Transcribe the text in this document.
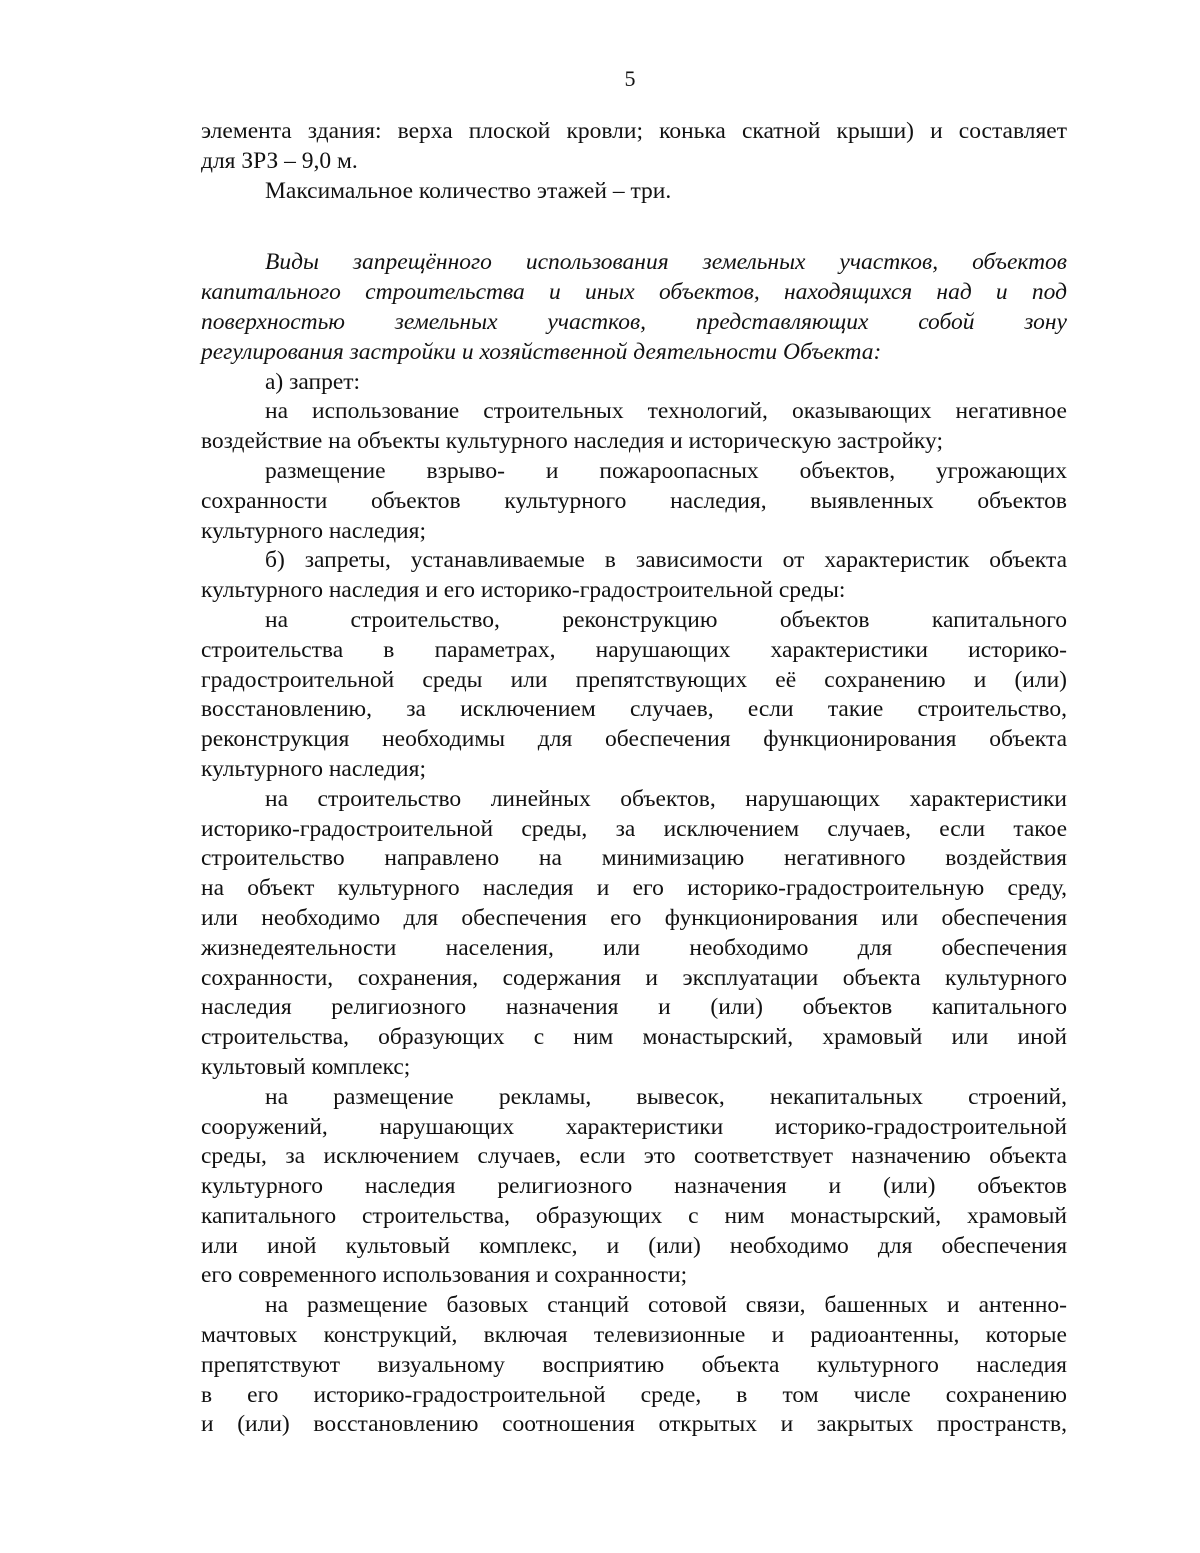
5
элемента здания: верха плоской кровли; конька скатной крыши) и составляет
для ЗРЗ – 9,0 м.
Максимальное количество этажей – три.
Виды запрещённого использования земельных участков, объектов
капитального строительства и иных объектов, находящихся над и под
поверхностью земельных участков, представляющих собой зону
регулирования застройки и хозяйственной деятельности Объекта:
а) запрет:
на использование строительных технологий, оказывающих негативное
воздействие на объекты культурного наследия и историческую застройку;
размещение взрыво- и пожароопасных объектов, угрожающих
сохранности объектов культурного наследия, выявленных объектов
культурного наследия;
б) запреты, устанавливаемые в зависимости от характеристик объекта
культурного наследия и его историко-градостроительной среды:
на строительство, реконструкцию объектов капитального
строительства в параметрах, нарушающих характеристики историко-
градостроительной среды или препятствующих её сохранению и (или)
восстановлению, за исключением случаев, если такие строительство,
реконструкция необходимы для обеспечения функционирования объекта
культурного наследия;
на строительство линейных объектов, нарушающих характеристики
историко-градостроительной среды, за исключением случаев, если такое
строительство направлено на минимизацию негативного воздействия
на объект культурного наследия и его историко-градостроительную среду,
или необходимо для обеспечения его функционирования или обеспечения
жизнедеятельности населения, или необходимо для обеспечения
сохранности, сохранения, содержания и эксплуатации объекта культурного
наследия религиозного назначения и (или) объектов капитального
строительства, образующих с ним монастырский, храмовый или иной
культовый комплекс;
на размещение рекламы, вывесок, некапитальных строений,
сооружений, нарушающих характеристики историко-градостроительной
среды, за исключением случаев, если это соответствует назначению объекта
культурного наследия религиозного назначения и (или) объектов
капитального строительства, образующих с ним монастырский, храмовый
или иной культовый комплекс, и (или) необходимо для обеспечения
его современного использования и сохранности;
на размещение базовых станций сотовой связи, башенных и антенно-
мачтовых конструкций, включая телевизионные и радиоантенны, которые
препятствуют визуальному восприятию объекта культурного наследия
в его историко-градостроительной среде, в том числе сохранению
и (или) восстановлению соотношения открытых и закрытых пространств,
